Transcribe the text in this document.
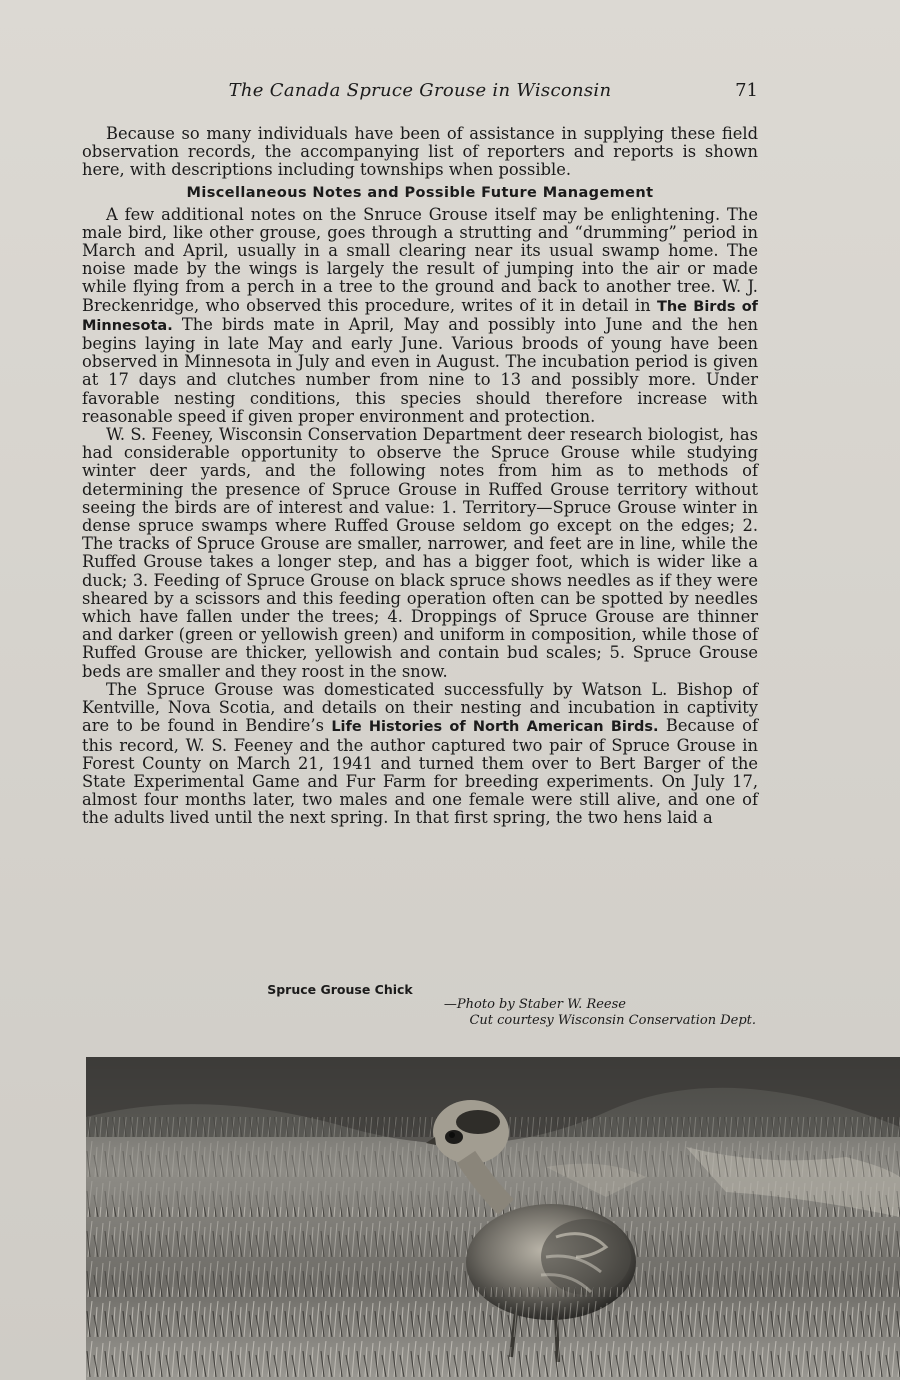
The Canada Spruce Grouse in Wisconsin	71

Because so many individuals have been of assistance in supplying these field observation records, the accompanying list of reporters and reports is shown here, with descriptions including townships when possible.

Miscellaneous Notes and Possible Future Management

A few additional notes on the Snruce Grouse itself may be enlightening. The male bird, like other grouse, goes through a strutting and “drumming” period in March and April, usually in a small clearing near its usual swamp home. The noise made by the wings is largely the result of jumping into the air or made while flying from a perch in a tree to the ground and back to another tree. W. J. Breckenridge, who observed this procedure, writes of it in detail in The Birds of Minnesota. The birds mate in April, May and possibly into June and the hen begins laying in late May and early June. Various broods of young have been observed in Minnesota in July and even in August. The incubation period is given at 17 days and clutches number from nine to 13 and possibly more. Under favorable nesting conditions, this species should therefore increase with reasonable speed if given proper environment and protection.

W. S. Feeney, Wisconsin Conservation Department deer research biologist, has had considerable opportunity to observe the Spruce Grouse while studying winter deer yards, and the following notes from him as to methods of determining the presence of Spruce Grouse in Ruffed Grouse territory without seeing the birds are of interest and value: 1. Territory—Spruce Grouse winter in dense spruce swamps where Ruffed Grouse seldom go except on the edges; 2. The tracks of Spruce Grouse are smaller, narrower, and feet are in line, while the Ruffed Grouse takes a longer step, and has a bigger foot, which is wider like a duck; 3. Feeding of Spruce Grouse on black spruce shows needles as if they were sheared by a scissors and this feeding operation often can be spotted by needles which have fallen under the trees; 4. Droppings of Spruce Grouse are thinner and darker (green or yellowish green) and uniform in composition, while those of Ruffed Grouse are thicker, yellowish and contain bud scales; 5. Spruce Grouse beds are smaller and they roost in the snow.

The Spruce Grouse was domesticated successfully by Watson L. Bishop of Kentville, Nova Scotia, and details on their nesting and incubation in captivity are to be found in Bendire’s Life Histories of North American Birds. Because of this record, W. S. Feeney and the author captured two pair of Spruce Grouse in Forest County on March 21, 1941 and turned them over to Bert Barger of the State Experimental Game and Fur Farm for breeding experiments. On July 17, almost four months later, two males and one female were still alive, and one of the adults lived until the next spring. In that first spring, the two hens laid a

Spruce Grouse Chick
—Photo by Staber W. Reese
Cut courtesy Wisconsin Conservation Dept.
